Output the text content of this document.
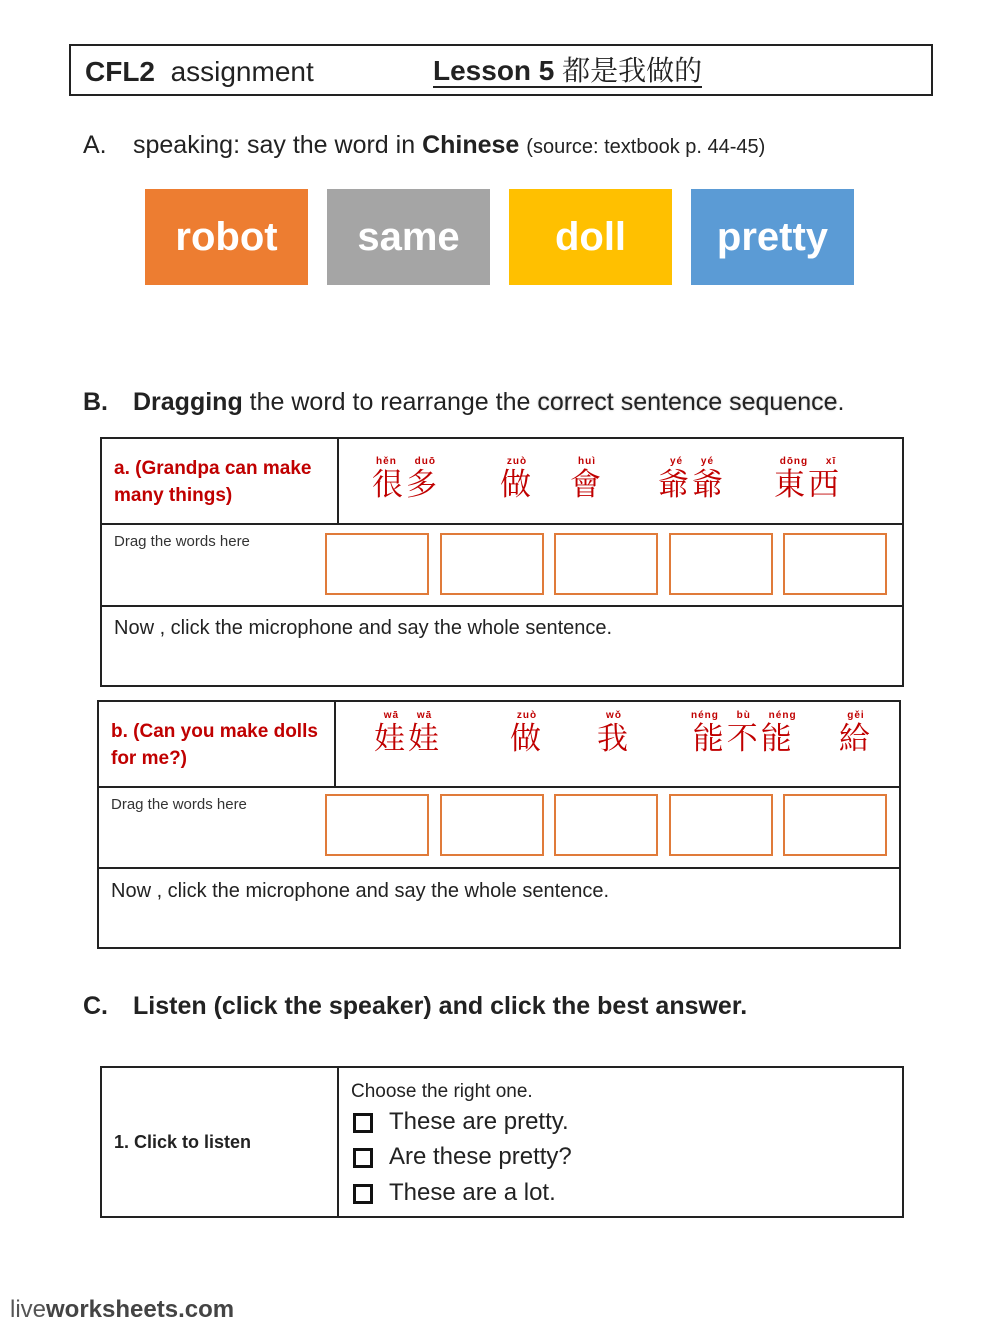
CFL2 assignment	Lesson 5 都是我做的
A. speaking: say the word in Chinese (source: textbook p. 44-45)
robot same doll pretty
B. Dragging the word to rearrange the correct sentence sequence.
a. (Grandpa can make many things)
hěn duō
很多
zuò
做
huì
會
yé yé
爺爺
dōng xī
東西
Drag the words here
Now , click the microphone and say the whole sentence.
b. (Can you make dolls for me?)
wā wā
娃娃
zuò
做
wǒ
我
néng bù néng
能不能
gěi
給
Drag the words here
Now , click the microphone and say the whole sentence.
C. Listen (click the speaker) and click the best answer.
1. Click to listen
Choose the right one.
These are pretty.
Are these pretty?
These are a lot.
liveworksheets.com
